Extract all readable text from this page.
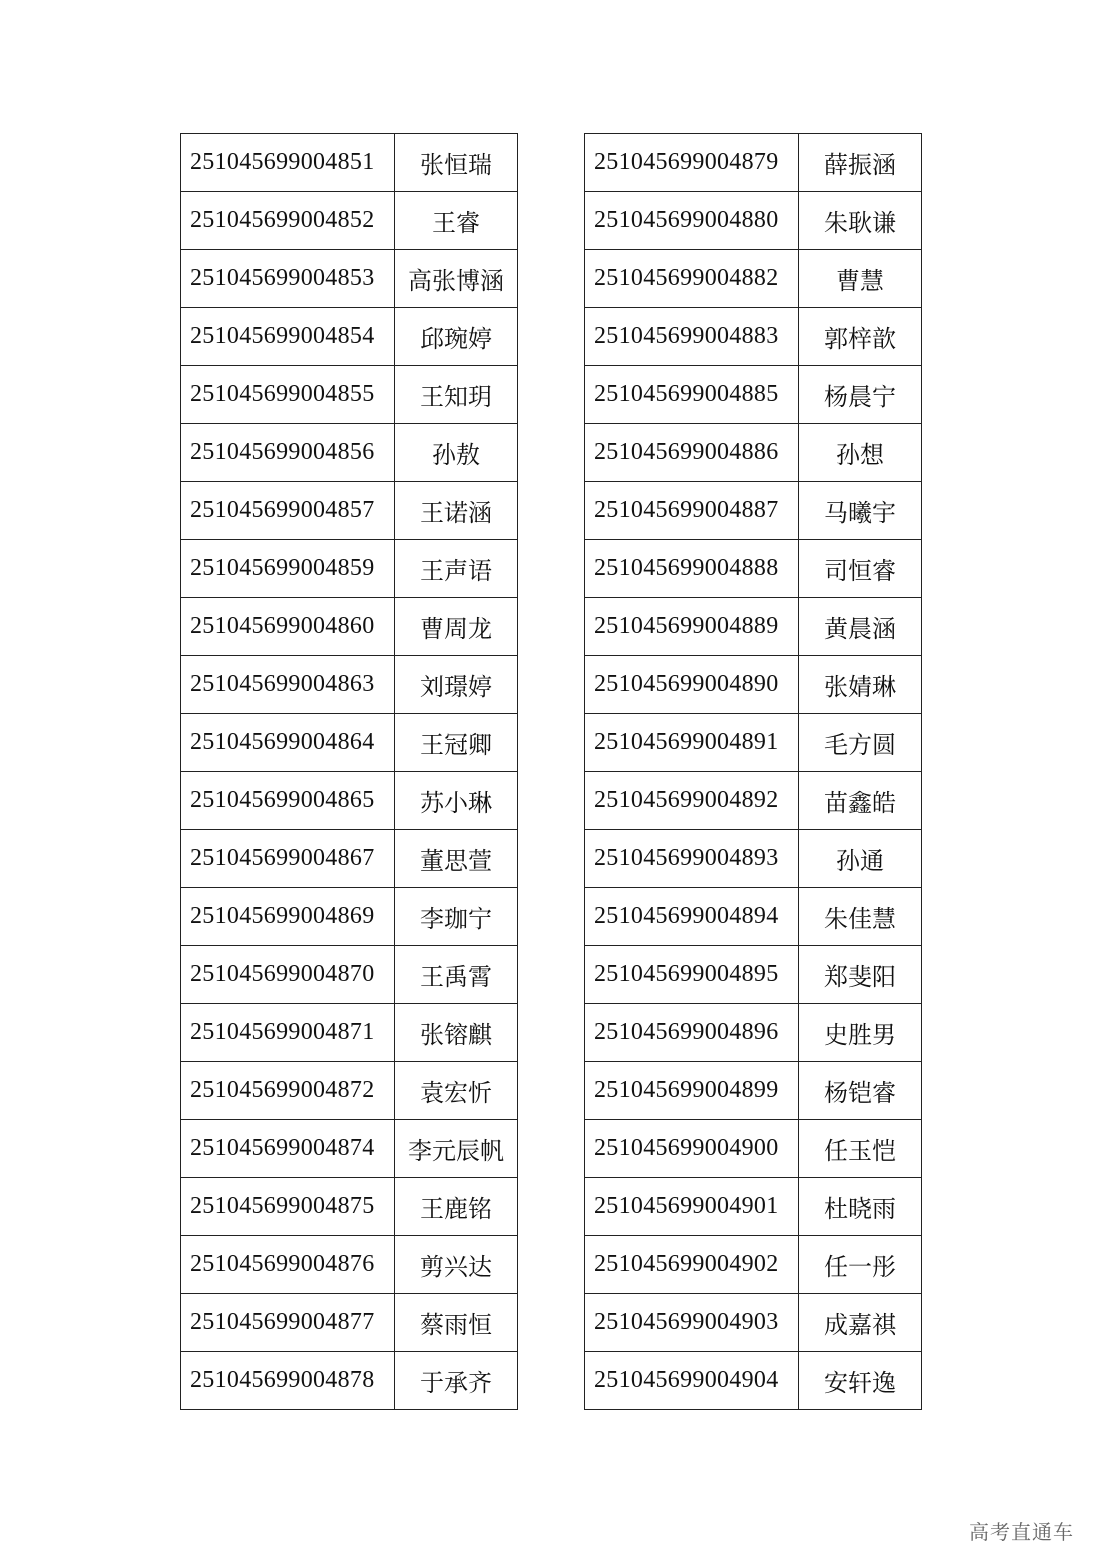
251045699004851	张恒瑞
251045699004852	王睿
251045699004853	高张博涵
251045699004854	邱琬婷
251045699004855	王知玥
251045699004856	孙敖
251045699004857	王诺涵
251045699004859	王声语
251045699004860	曹周龙
251045699004863	刘璟婷
251045699004864	王冠卿
251045699004865	苏小琳
251045699004867	董思萱
251045699004869	李珈宁
251045699004870	王禹霄
251045699004871	张镕麒
251045699004872	袁宏忻
251045699004874	李元辰帆
251045699004875	王鹿铭
251045699004876	剪兴达
251045699004877	蔡雨恒
251045699004878	于承齐
251045699004879	薛振涵
251045699004880	朱耿谦
251045699004882	曹慧
251045699004883	郭梓歆
251045699004885	杨晨宁
251045699004886	孙想
251045699004887	马曦宇
251045699004888	司恒睿
251045699004889	黄晨涵
251045699004890	张婧琳
251045699004891	毛方圆
251045699004892	苗鑫皓
251045699004893	孙通
251045699004894	朱佳慧
251045699004895	郑斐阳
251045699004896	史胜男
251045699004899	杨铠睿
251045699004900	任玉恺
251045699004901	杜晓雨
251045699004902	任一彤
251045699004903	成嘉祺
251045699004904	安轩逸
高考直通车
